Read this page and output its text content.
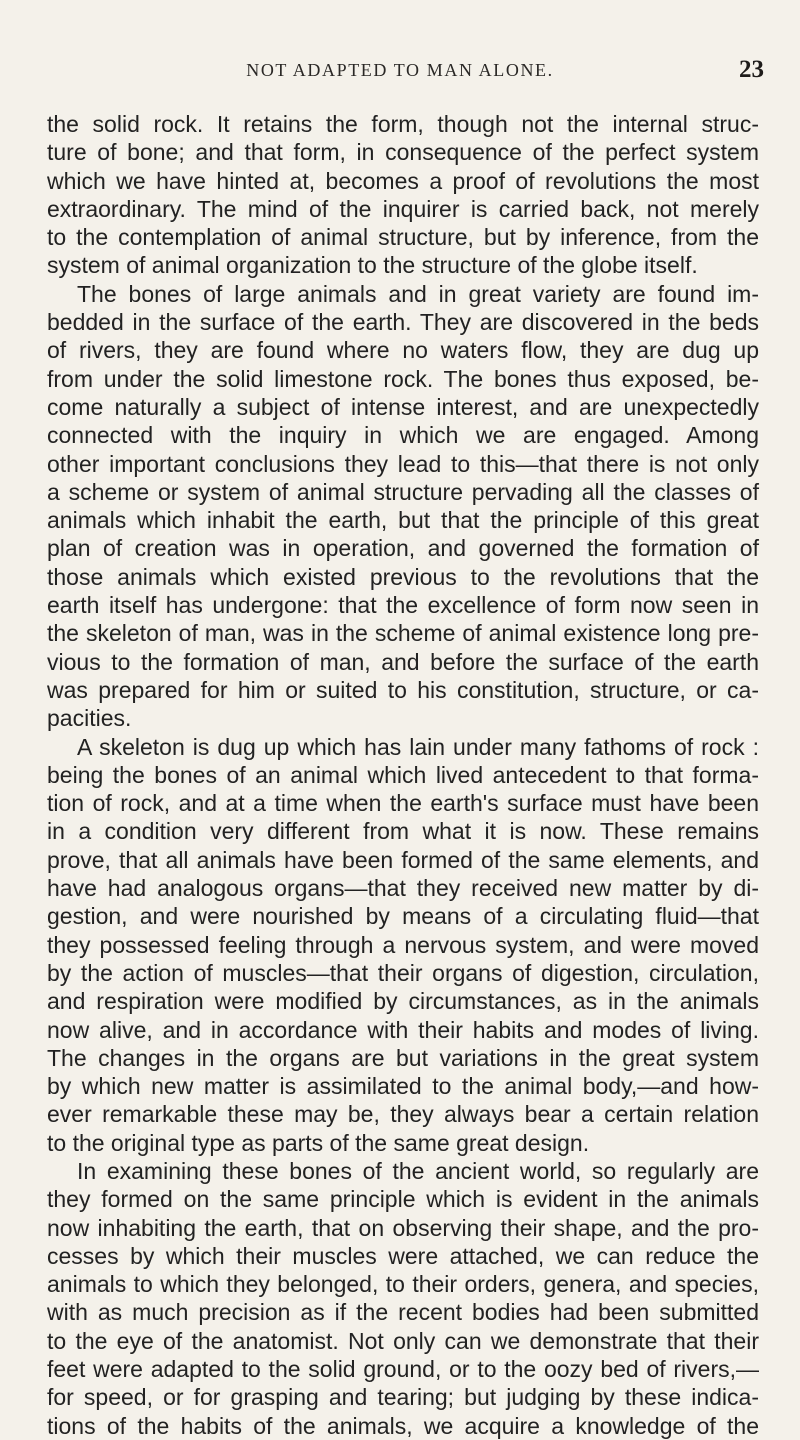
NOT ADAPTED TO MAN ALONE.	23
the solid rock. It retains the form, though not the internal struc-
ture of bone; and that form, in consequence of the perfect system
which we have hinted at, becomes a proof of revolutions the most
extraordinary. The mind of the inquirer is carried back, not merely
to the contemplation of animal structure, but by inference, from the
system of animal organization to the structure of the globe itself.
The bones of large animals and in great variety are found im-
bedded in the surface of the earth. They are discovered in the beds
of rivers, they are found where no waters flow, they are dug up
from under the solid limestone rock. The bones thus exposed, be-
come naturally a subject of intense interest, and are unexpectedly
connected with the inquiry in which we are engaged. Among
other important conclusions they lead to this—that there is not only
a scheme or system of animal structure pervading all the classes of
animals which inhabit the earth, but that the principle of this great
plan of creation was in operation, and governed the formation of
those animals which existed previous to the revolutions that the
earth itself has undergone: that the excellence of form now seen in
the skeleton of man, was in the scheme of animal existence long pre-
vious to the formation of man, and before the surface of the earth
was prepared for him or suited to his constitution, structure, or ca-
pacities.
A skeleton is dug up which has lain under many fathoms of rock :
being the bones of an animal which lived antecedent to that forma-
tion of rock, and at a time when the earth's surface must have been
in a condition very different from what it is now. These remains
prove, that all animals have been formed of the same elements, and
have had analogous organs—that they received new matter by di-
gestion, and were nourished by means of a circulating fluid—that
they possessed feeling through a nervous system, and were moved
by the action of muscles—that their organs of digestion, circulation,
and respiration were modified by circumstances, as in the animals
now alive, and in accordance with their habits and modes of living.
The changes in the organs are but variations in the great system
by which new matter is assimilated to the animal body,—and how-
ever remarkable these may be, they always bear a certain relation
to the original type as parts of the same great design.
In examining these bones of the ancient world, so regularly are
they formed on the same principle which is evident in the animals
now inhabiting the earth, that on observing their shape, and the pro-
cesses by which their muscles were attached, we can reduce the
animals to which they belonged, to their orders, genera, and species,
with as much precision as if the recent bodies had been submitted
to the eye of the anatomist. Not only can we demonstrate that their
feet were adapted to the solid ground, or to the oozy bed of rivers,—
for speed, or for grasping and tearing; but judging by these indica-
tions of the habits of the animals, we acquire a knowledge of the
